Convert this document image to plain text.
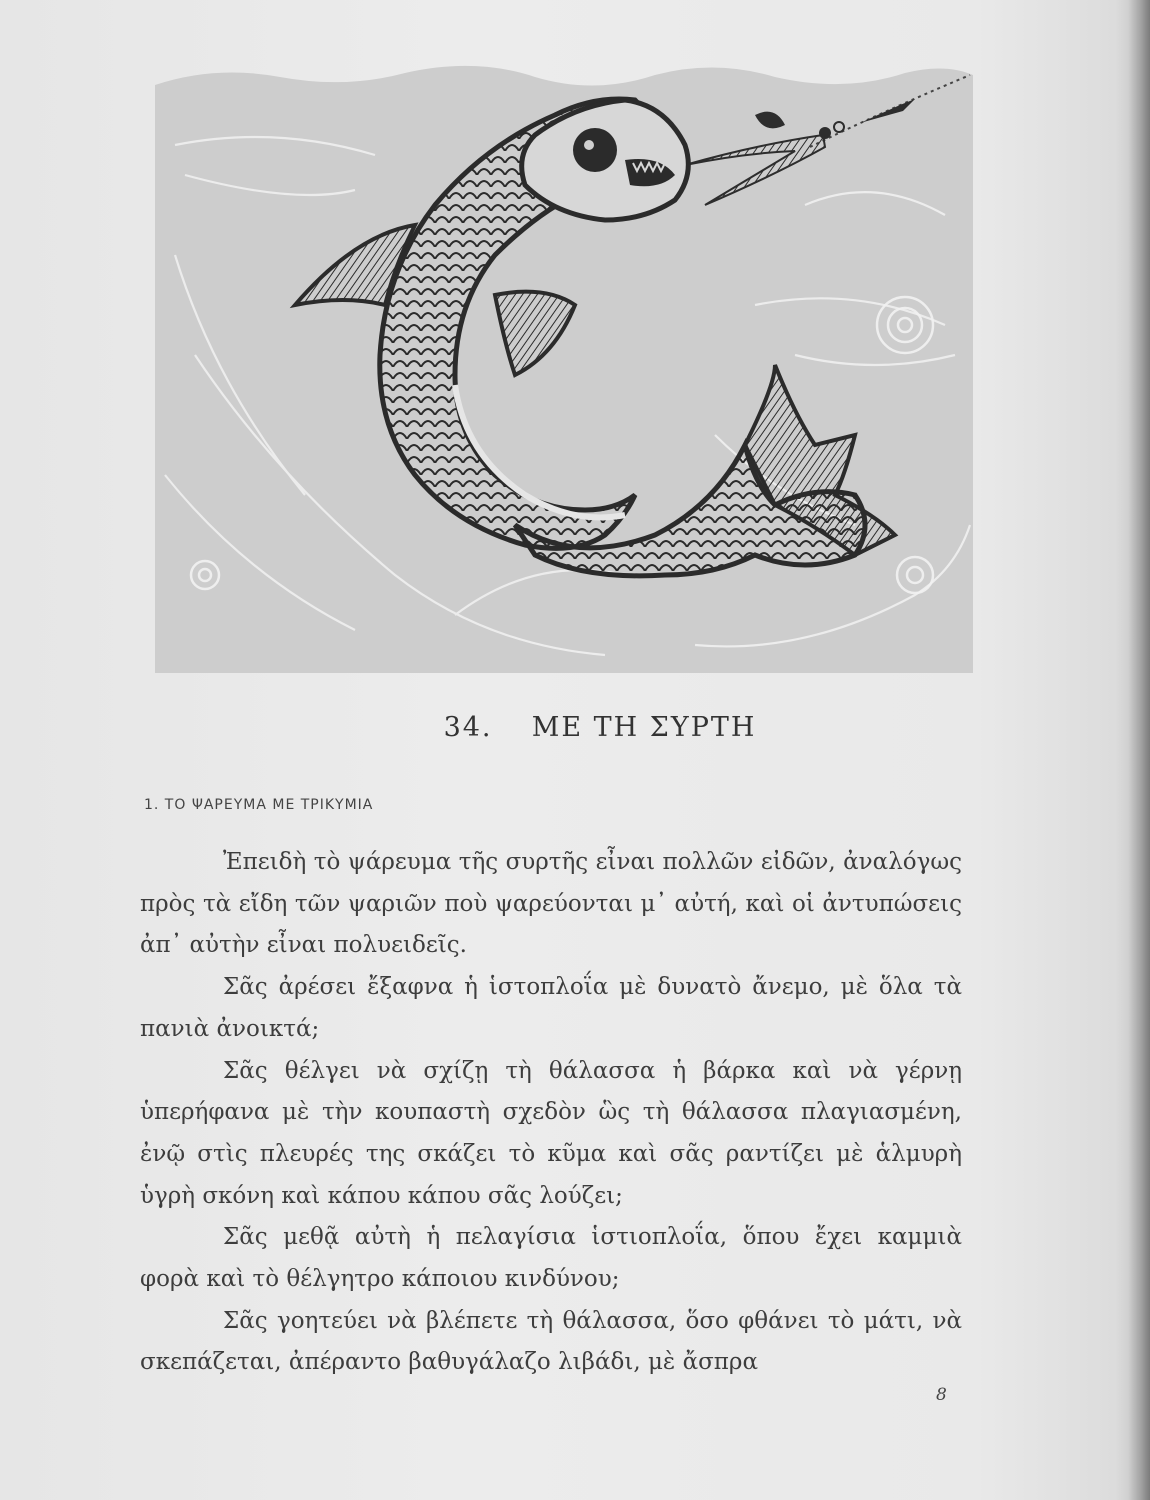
34. ΜΕ ΤΗ ΣΥΡΤΗ
1. ΤΟ ΨΑΡΕΥΜΑ ΜΕ ΤΡΙΚΥΜΙΑ

Ἐπειδὴ τὸ ψάρευμα τῆς συρτῆς εἶναι πολλῶν εἰδῶν, ἀναλόγως πρὸς τὰ εἴδη τῶν ψαριῶν ποὺ ψαρεύονται μ᾽ αὐτή, καὶ οἱ ἀντυπώσεις ἀπ᾽ αὐτὴν εἶναι πολυειδεῖς.

Σᾶς ἀρέσει ἔξαφνα ἡ ἱστοπλοΐα μὲ δυνατὸ ἄνεμο, μὲ ὅλα τὰ πανιὰ ἀνοικτά;

Σᾶς θέλγει νὰ σχίζῃ τὴ θάλασσα ἡ βάρκα καὶ νὰ γέρνῃ ὑπερήφανα μὲ τὴν κουπαστὴ σχεδὸν ὣς τὴ θάλασσα πλαγιασμένη, ἐνῷ στὶς πλευρές της σκάζει τὸ κῦμα καὶ σᾶς ραντίζει μὲ ἁλμυρὴ ὑγρὴ σκόνη καὶ κάπου κάπου σᾶς λούζει;

Σᾶς μεθᾷ αὐτὴ ἡ πελαγίσια ἱστιοπλοΐα, ὅπου ἔχει καμμιὰ φορὰ καὶ τὸ θέλγητρο κάποιου κινδύνου;

Σᾶς γοητεύει νὰ βλέπετε τὴ θάλασσα, ὅσο φθάνει τὸ μάτι, νὰ σκεπάζεται, ἀπέραντο βαθυγάλαζο λιβάδι, μὲ ἄσπρα

8
